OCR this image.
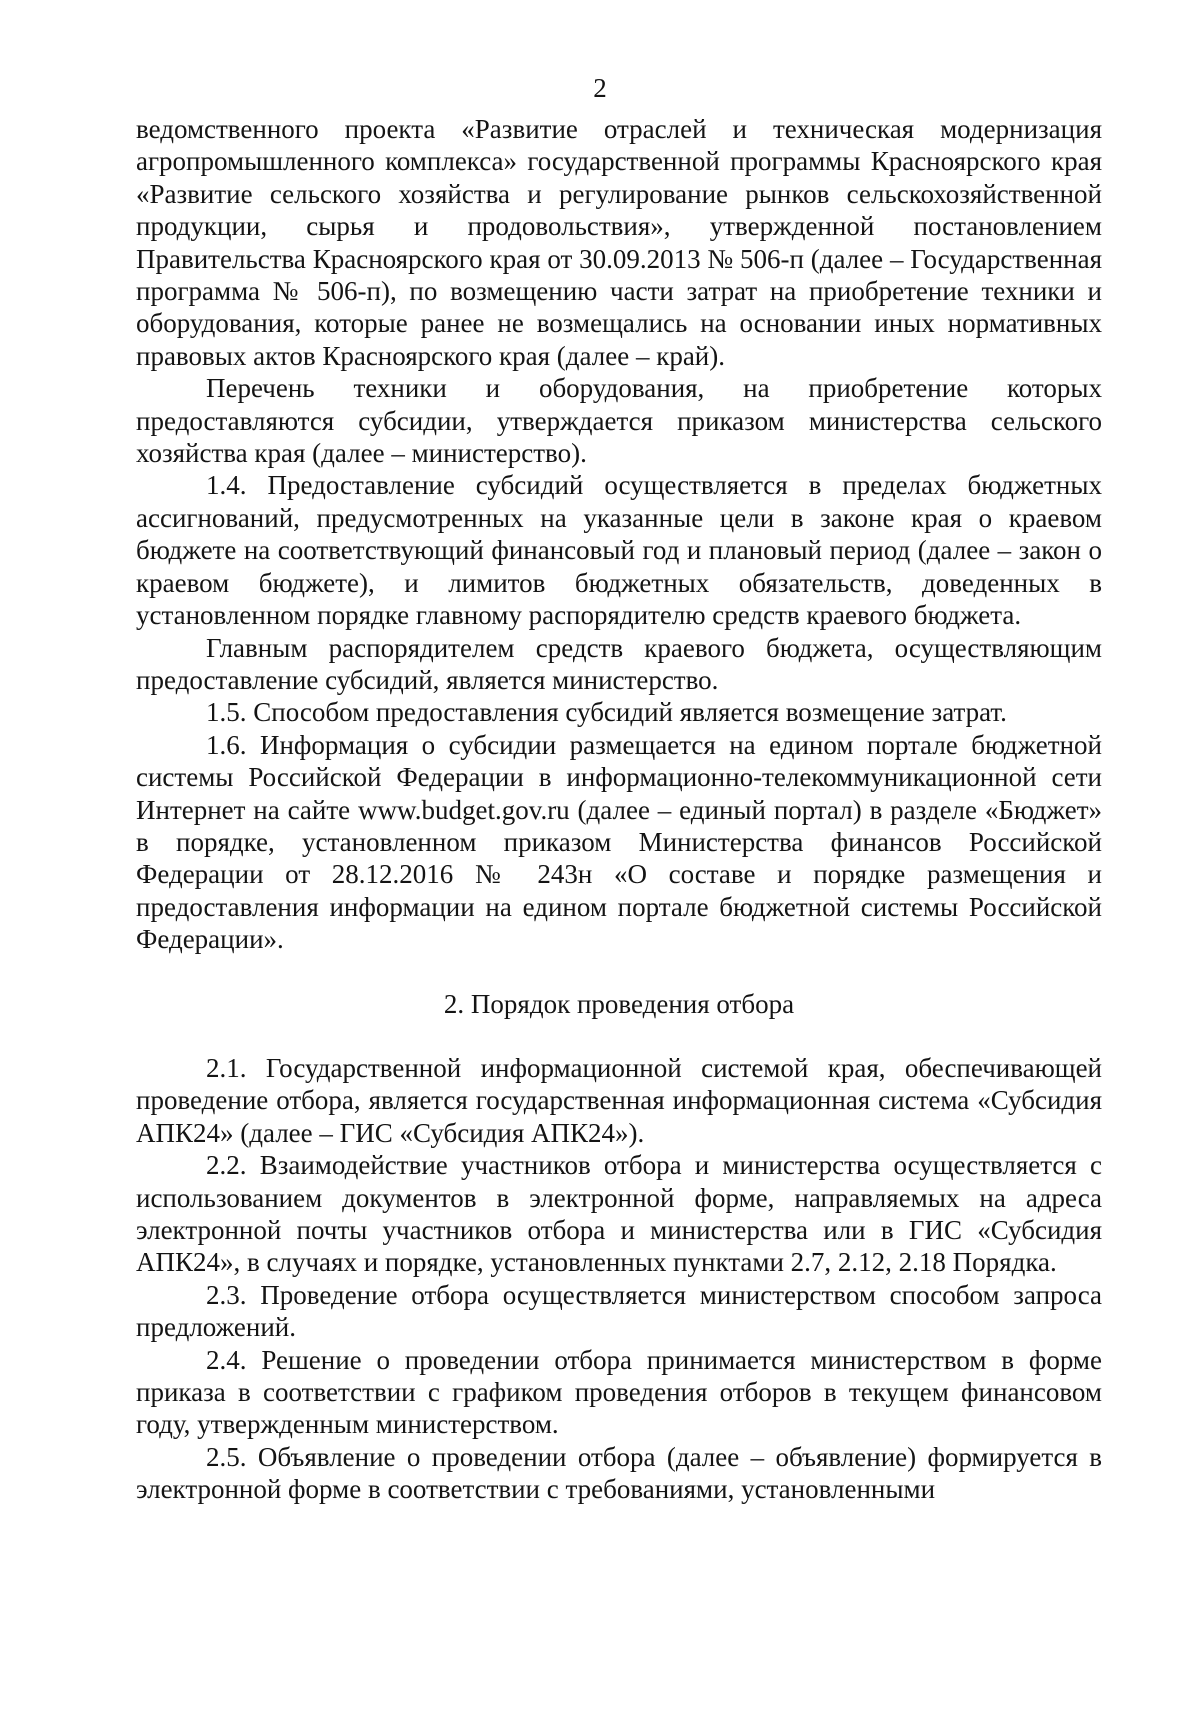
2

ведомственного проекта «Развитие отраслей и техническая модернизация агропромышленного комплекса» государственной программы Красноярского края «Развитие сельского хозяйства и регулирование рынков сельскохозяйственной продукции, сырья и продовольствия», утвержденной постановлением Правительства Красноярского края от 30.09.2013 № 506-п (далее – Государственная программа № 506-п), по возмещению части затрат на приобретение техники и оборудования, которые ранее не возмещались на основании иных нормативных правовых актов Красноярского края (далее – край).

Перечень техники и оборудования, на приобретение которых предоставляются субсидии, утверждается приказом министерства сельского хозяйства края (далее – министерство).

1.4. Предоставление субсидий осуществляется в пределах бюджетных ассигнований, предусмотренных на указанные цели в законе края о краевом бюджете на соответствующий финансовый год и плановый период (далее – закон о краевом бюджете), и лимитов бюджетных обязательств, доведенных в установленном порядке главному распорядителю средств краевого бюджета.

Главным распорядителем средств краевого бюджета, осуществляющим предоставление субсидий, является министерство.

1.5. Способом предоставления субсидий является возмещение затрат.

1.6. Информация о субсидии размещается на едином портале бюджетной системы Российской Федерации в информационно-телекоммуникационной сети Интернет на сайте www.budget.gov.ru (далее – единый портал) в разделе «Бюджет» в порядке, установленном приказом Министерства финансов Российской Федерации от 28.12.2016 № 243н «О составе и порядке размещения и предоставления информации на едином портале бюджетной системы Российской Федерации».

2. Порядок проведения отбора

2.1. Государственной информационной системой края, обеспечивающей проведение отбора, является государственная информационная система «Субсидия АПК24» (далее – ГИС «Субсидия АПК24»).

2.2. Взаимодействие участников отбора и министерства осуществляется с использованием документов в электронной форме, направляемых на адреса электронной почты участников отбора и министерства или в ГИС «Субсидия АПК24», в случаях и порядке, установленных пунктами 2.7, 2.12, 2.18 Порядка.

2.3. Проведение отбора осуществляется министерством способом запроса предложений.

2.4. Решение о проведении отбора принимается министерством в форме приказа в соответствии с графиком проведения отборов в текущем финансовом году, утвержденным министерством.

2.5. Объявление о проведении отбора (далее – объявление) формируется в электронной форме в соответствии с требованиями, установленными
